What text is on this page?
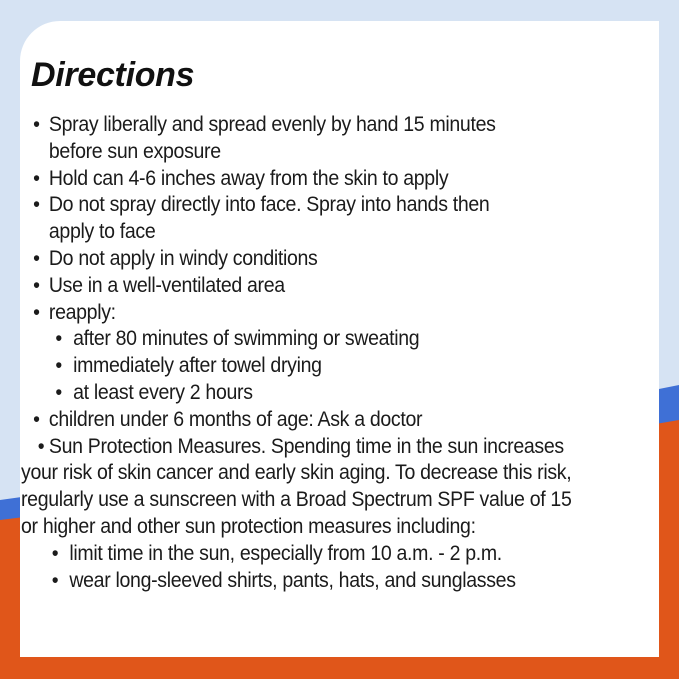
Directions
• Spray liberally and spread evenly by hand 15 minutes
before sun exposure
• Hold can 4-6 inches away from the skin to apply
• Do not spray directly into face. Spray into hands then
apply to face
• Do not apply in windy conditions
• Use in a well-ventilated area
• reapply:
• after 80 minutes of swimming or sweating
• immediately after towel drying
• at least every 2 hours
• children under 6 months of age: Ask a doctor
• Sun Protection Measures. Spending time in the sun increases
your risk of skin cancer and early skin aging. To decrease this risk,
regularly use a sunscreen with a Broad Spectrum SPF value of 15
or higher and other sun protection measures including:
• limit time in the sun, especially from 10 a.m. - 2 p.m.
• wear long-sleeved shirts, pants, hats, and sunglasses
